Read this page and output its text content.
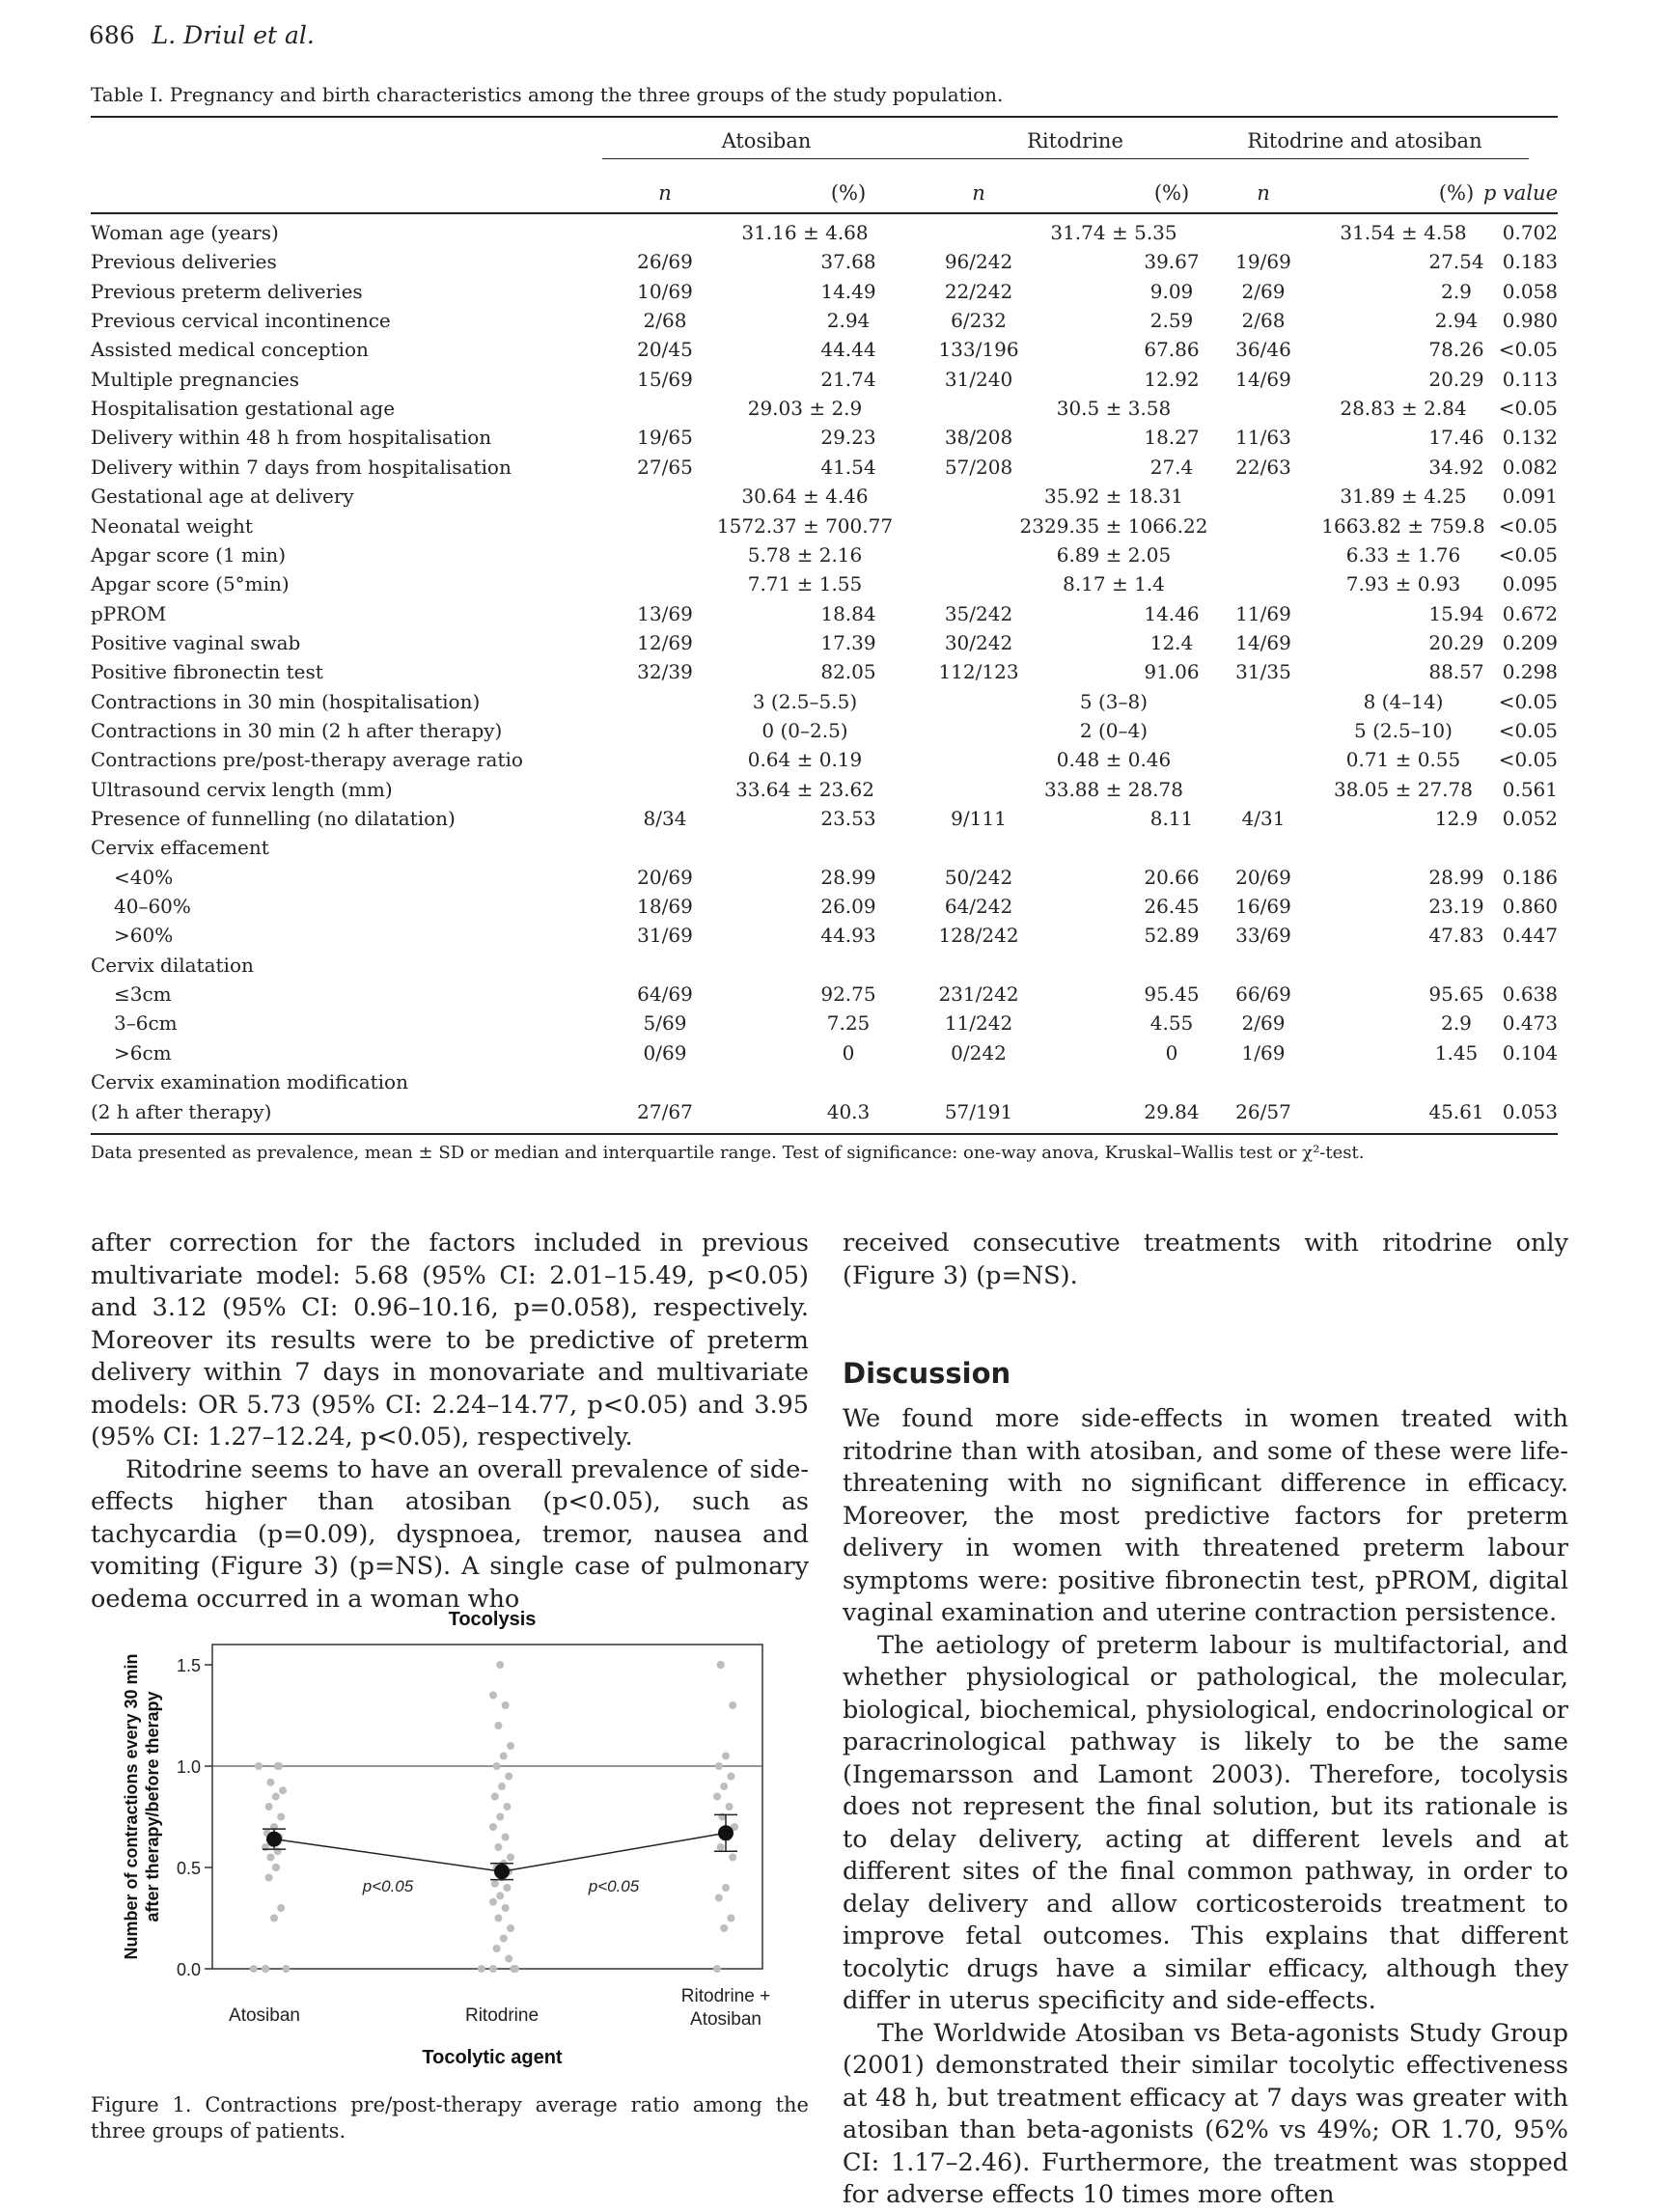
686 L. Driul et al.
Table I. Pregnancy and birth characteristics among the three groups of the study population.
Atosiban	Ritodrine	Ritodrine and atosiban
n	(%)	n	(%)	n	(%) p value
Woman age (years)	31.16 ± 4.68	31.74 ± 5.35	31.54 ± 4.58	0.702
Previous deliveries	26/69	37.68	96/242	39.67	19/69	27.54 0.183
Previous preterm deliveries	10/69	14.49	22/242	9.09	2/69	2.9	0.058
Previous cervical incontinence	2/68	2.94	6/232	2.59	2/68	2.94	0.980
Assisted medical conception	20/45	44.44	133/196	67.86	36/46	78.26 <0.05
Multiple pregnancies	15/69	21.74	31/240	12.92	14/69	20.29 0.113
Hospitalisation gestational age	29.03 ± 2.9	30.5 ± 3.58	28.83 ± 2.84	<0.05
Delivery within 48 h from hospitalisation	19/65	29.23	38/208	18.27	11/63	17.46 0.132
Delivery within 7 days from hospitalisation	27/65	41.54	57/208	27.4	22/63	34.92 0.082
Gestational age at delivery	30.64 ± 4.46	35.92 ± 18.31	31.89 ± 4.25	0.091
Neonatal weight	1572.37 ± 700.77	2329.35 ± 1066.22	1663.82 ± 759.8 <0.05
Apgar score (1 min)	5.78 ± 2.16	6.89 ± 2.05	6.33 ± 1.76	<0.05
Apgar score (5°min)	7.71 ± 1.55	8.17 ± 1.4	7.93 ± 0.93	0.095
pPROM	13/69	18.84	35/242	14.46	11/69	15.94 0.672
Positive vaginal swab	12/69	17.39	30/242	12.4	14/69	20.29 0.209
Positive fibronectin test	32/39	82.05	112/123	91.06	31/35	88.57 0.298
Contractions in 30 min (hospitalisation)	3 (2.5–5.5)	5 (3–8)	8 (4–14)	<0.05
Contractions in 30 min (2 h after therapy)	0 (0–2.5)	2 (0–4)	5 (2.5–10)	<0.05
Contractions pre/post-therapy average ratio	0.64 ± 0.19	0.48 ± 0.46	0.71 ± 0.55	<0.05
Ultrasound cervix length (mm)	33.64 ± 23.62	33.88 ± 28.78	38.05 ± 27.78	0.561
Presence of funnelling (no dilatation)	8/34	23.53	9/111	8.11	4/31	12.9	0.052
Cervix effacement
<40%	20/69	28.99	50/242	20.66	20/69	28.99 0.186
40–60%	18/69	26.09	64/242	26.45	16/69	23.19 0.860
>60%	31/69	44.93	128/242	52.89	33/69	47.83 0.447
Cervix dilatation
≤3cm	64/69	92.75	231/242	95.45	66/69	95.65 0.638
3–6cm	5/69	7.25	11/242	4.55	2/69	2.9	0.473
>6cm	0/69	0	0/242	0	1/69	1.45	0.104
Cervix examination modification
(2 h after therapy)	27/67	40.3	57/191	29.84	26/57	45.61 0.053
Data presented as prevalence, mean ± SD or median and interquartile range. Test of significance: one-way anova, Kruskal–Wallis test or χ²-test.

after correction for the factors included in previous multivariate model: 5.68 (95% CI: 2.01–15.49, p<0.05) and 3.12 (95% CI: 0.96–10.16, p=0.058), respectively. Moreover its results were to be predictive of preterm delivery within 7 days in monovariate and multivariate models: OR 5.73 (95% CI: 2.24–14.77, p<0.05) and 3.95 (95% CI: 1.27–12.24, p<0.05), respectively.

Ritodrine seems to have an overall prevalence of side-effects higher than atosiban (p<0.05), such as tachycardia (p=0.09), dyspnoea, tremor, nausea and vomiting (Figure 3) (p=NS). A single case of pulmonary oedema occurred in a woman who

received consecutive treatments with ritodrine only (Figure 3) (p=NS).

Discussion

We found more side-effects in women treated with ritodrine than with atosiban, and some of these were life-threatening with no significant difference in efficacy. Moreover, the most predictive factors for preterm delivery in women with threatened preterm labour symptoms were: positive fibronectin test, pPROM, digital vaginal examination and uterine contraction persistence.

The aetiology of preterm labour is multifactorial, and whether physiological or pathological, the molecular, biological, biochemical, physiological, endocrinological or paracrinological pathway is likely to be the same (Ingemarsson and Lamont 2003). Therefore, tocolysis does not represent the final solution, but its rationale is to delay delivery, acting at different levels and at different sites of the final common pathway, in order to delay delivery and allow corticosteroids treatment to improve fetal outcomes. This explains that different tocolytic drugs have a similar efficacy, although they differ in uterus specificity and side-effects.

The Worldwide Atosiban vs Beta-agonists Study Group (2001) demonstrated their similar tocolytic effectiveness at 48 h, but treatment efficacy at 7 days was greater with atosiban than beta-agonists (62% vs 49%; OR 1.70, 95% CI: 1.17–2.46). Furthermore, the treatment was stopped for adverse effects 10 times more often

Tocolysis
Tocolytic agent
Number of contractions every 30 min after therapy/before therapy
0.0
0.5
1.0
1.5
Atosiban	Ritodrine
Ritodrine + Atosiban
p<0.05	p<0.05
Figure 1. Contractions pre/post-therapy average ratio among the three groups of patients.
